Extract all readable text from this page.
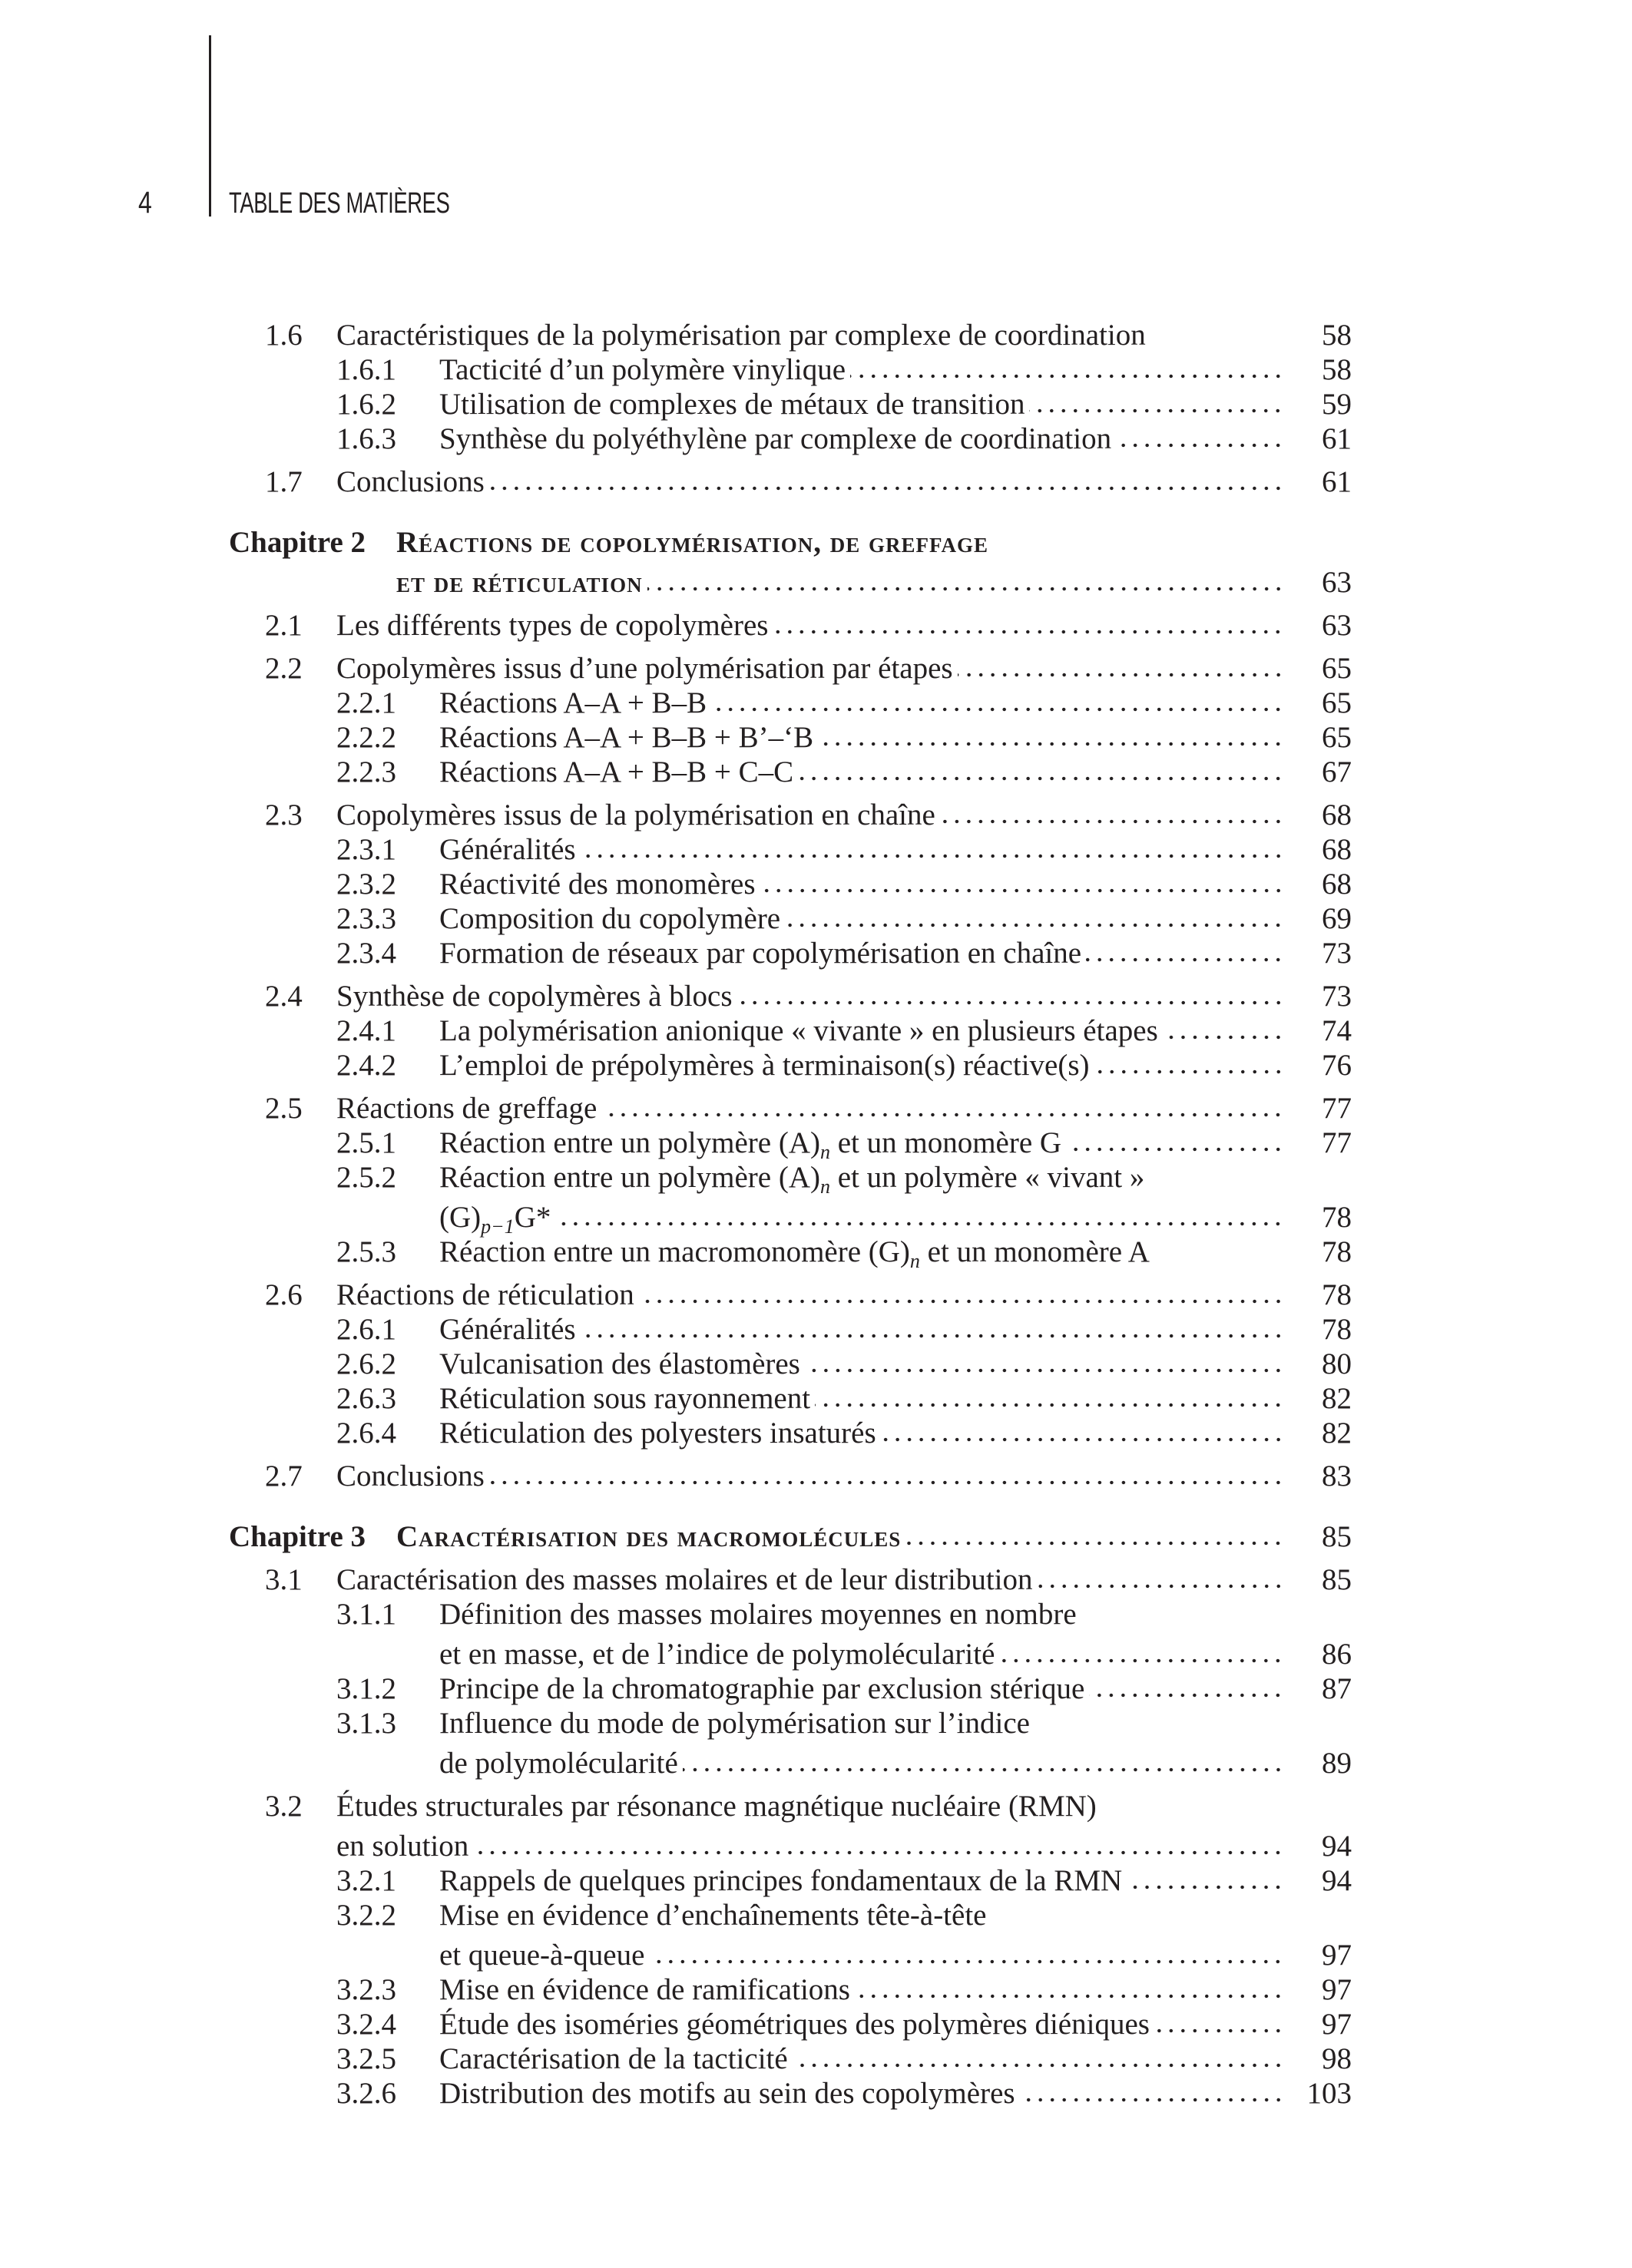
4	TABLE DES MATIÈRES
1.6 Caractéristiques de la polymérisation par complexe de coordination	58
1.6.1 Tacticité d’un polymère vinylique	58
1.6.2 Utilisation de complexes de métaux de transition	59
1.6.3 Synthèse du polyéthylène par complexe de coordination	61
1.7 Conclusions	61
Chapitre 2 Réactions de copolymérisation, de greffage
et de réticulation	63
2.1 Les différents types de copolymères	63
2.2 Copolymères issus d’une polymérisation par étapes	65
2.2.1 Réactions A–A + B–B	65
2.2.2 Réactions A–A + B–B + B’–‘B	65
2.2.3 Réactions A–A + B–B + C–C	67
2.3 Copolymères issus de la polymérisation en chaîne	68
2.3.1 Généralités	68
2.3.2 Réactivité des monomères	68
2.3.3 Composition du copolymère	69
2.3.4 Formation de réseaux par copolymérisation en chaîne	73
2.4 Synthèse de copolymères à blocs	73
2.4.1 La polymérisation anionique « vivante » en plusieurs étapes	74
2.4.2 L’emploi de prépolymères à terminaison(s) réactive(s)	76
2.5 Réactions de greffage	77
2.5.1 Réaction entre un polymère $(A)_n$ et un monomère G	77
2.5.2 Réaction entre un polymère $(A)_n$ et un polymère « vivant »
$(G)_{p-1}G*$	78
2.5.3 Réaction entre un macromonomère $(G)_n$ et un monomère A	78
2.6 Réactions de réticulation	78
2.6.1 Généralités	78
2.6.2 Vulcanisation des élastomères	80
2.6.3 Réticulation sous rayonnement	82
2.6.4 Réticulation des polyesters insaturés	82
2.7 Conclusions	83
Chapitre 3 Caractérisation des macromolécules	85
3.1 Caractérisation des masses molaires et de leur distribution	85
3.1.1 Définition des masses molaires moyennes en nombre
et en masse, et de l’indice de polymolécularité	86
3.1.2 Principe de la chromatographie par exclusion stérique	87
3.1.3 Influence du mode de polymérisation sur l’indice
de polymolécularité	89
3.2 Études structurales par résonance magnétique nucléaire (RMN)
en solution	94
3.2.1 Rappels de quelques principes fondamentaux de la RMN	94
3.2.2 Mise en évidence d’enchaînements tête-à-tête
et queue-à-queue	97
3.2.3 Mise en évidence de ramifications	97
3.2.4 Étude des isoméries géométriques des polymères diéniques	97
3.2.5 Caractérisation de la tacticité	98
3.2.6 Distribution des motifs au sein des copolymères	103
